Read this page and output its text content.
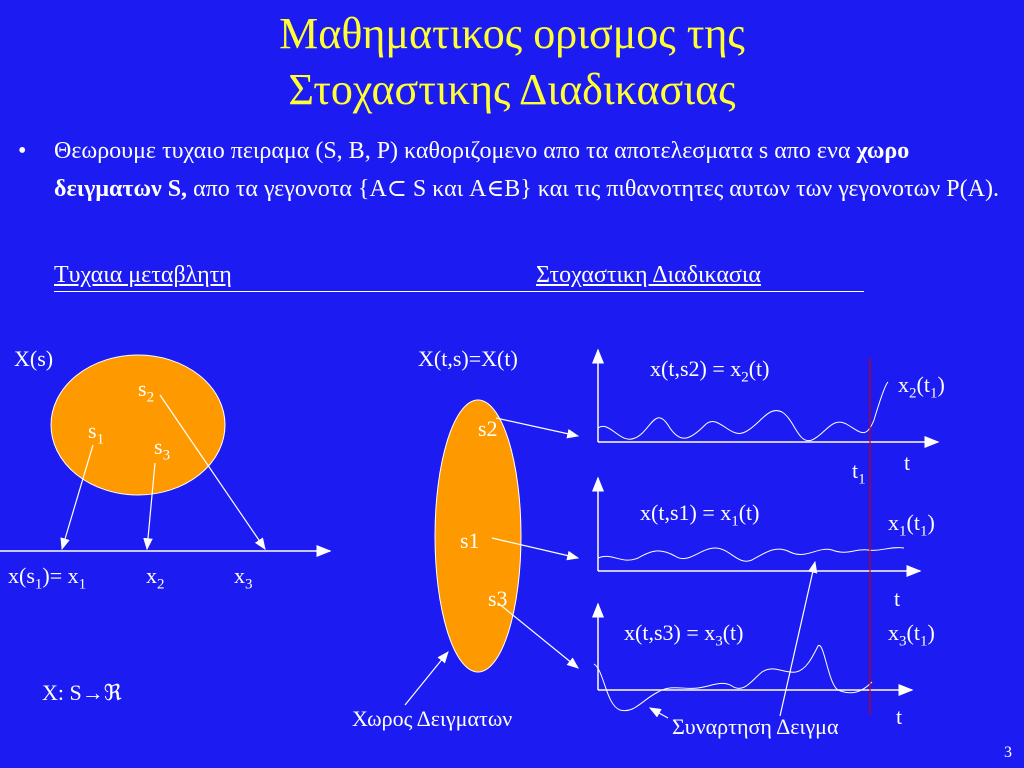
Μαθηματικος ορισμος της
Στοχαστικης Διαδικασιας
• Θεωρουμε τυχαιο πειραμα (S, B, P) καθοριζομενο απο τα αποτελεσματα s απο ενα χωρο δειγματων S, απο τα γεγονοτα {A⊂ S και A∈B} και τις πιθανοτητες αυτων των γεγονοτων P(A).
Τυχαια μεταβλητη	Στοχαστικη Διαδικασια
X(s)
$s_2$
$s_1$ $s_3$
$x(s_1)= x_1$	$x_2$	$x_3$
X: S→ℜ
X(t,s)=X(t)
s2
s1
s3
Χωρος Δειγματων	Συναρτηση Δειγμα
$x(t,s2) = x_2(t)$
$x(t,s1) = x_1(t)$
$x(t,s3) = x_3(t)$
$x_2(t_1)$
$x_1(t_1)$
$x_3(t_1)$
t
$t_1$
t
t
3
